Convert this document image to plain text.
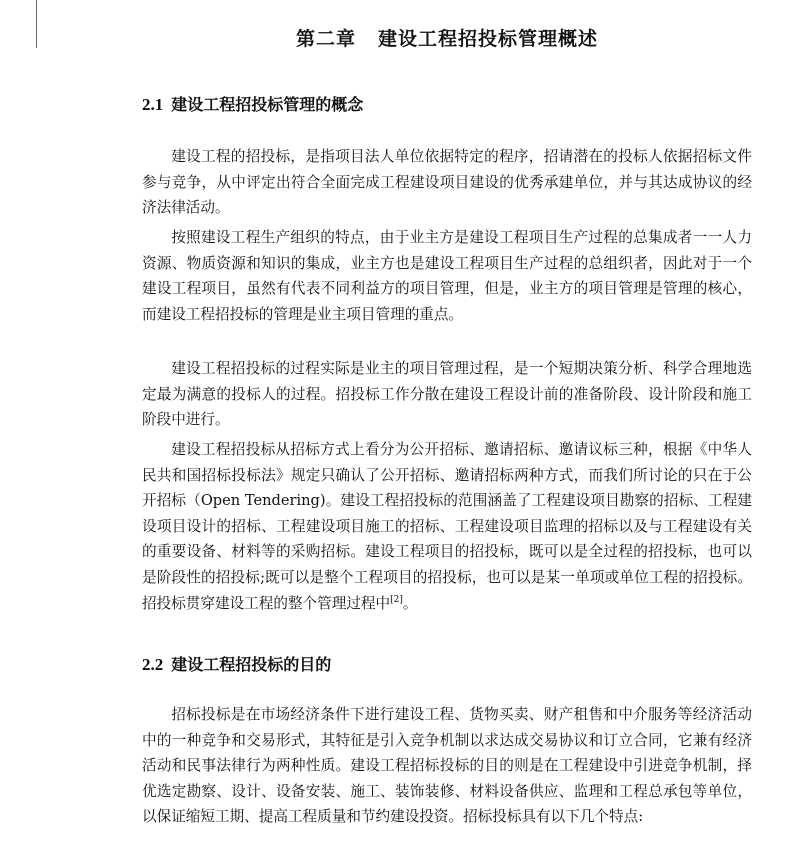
第二章 建设工程招投标管理概述
2.1 建设工程招投标管理的概念

建设工程的招投标，是指项目法人单位依据特定的程序，招请潜在的投标人依据招标文件参与竞争，从中评定出符合全面完成工程建设项目建设的优秀承建单位，并与其达成协议的经济法律活动。

按照建设工程生产组织的特点，由于业主方是建设工程项目生产过程的总集成者一一人力资源、物质资源和知识的集成，业主方也是建设工程项目生产过程的总组织者，因此对于一个建设工程项目，虽然有代表不同利益方的项目管理，但是，业主方的项目管理是管理的核心，而建设工程招投标的管理是业主项目管理的重点。

建设工程招投标的过程实际是业主的项目管理过程，是一个短期决策分析、科学合理地选定最为满意的投标人的过程。招投标工作分散在建设工程设计前的准备阶段、设计阶段和施工阶段中进行。

建设工程招投标从招标方式上看分为公开招标、邀请招标、邀请议标三种，根据《中华人民共和国招标投标法》规定只确认了公开招标、邀请招标两种方式，而我们所讨论的只在于公开招标（Open Tendering)。建设工程招投标的范围涵盖了工程建设项目勘察的招标、工程建设项目设计的招标、工程建设项目施工的招标、工程建设项目监理的招标以及与工程建设有关的重要设备、材料等的采购招标。建设工程项目的招投标，既可以是全过程的招投标，也可以是阶段性的招投标;既可以是整个工程项目的招投标，也可以是某一单项或单位工程的招投标。招投标贯穿建设工程的整个管理过程中[2]。

2.2 建设工程招投标的目的

招标投标是在市场经济条件下进行建设工程、货物买卖、财产租售和中介服务等经济活动中的一种竞争和交易形式，其特征是引入竞争机制以求达成交易协议和订立合同，它兼有经济活动和民事法律行为两种性质。建设工程招标投标的目的则是在工程建设中引进竞争机制，择优选定勘察、设计、设备安装、施工、装饰装修、材料设备供应、监理和工程总承包等单位，以保证缩短工期、提高工程质量和节约建设投资。招标投标具有以下几个特点:
